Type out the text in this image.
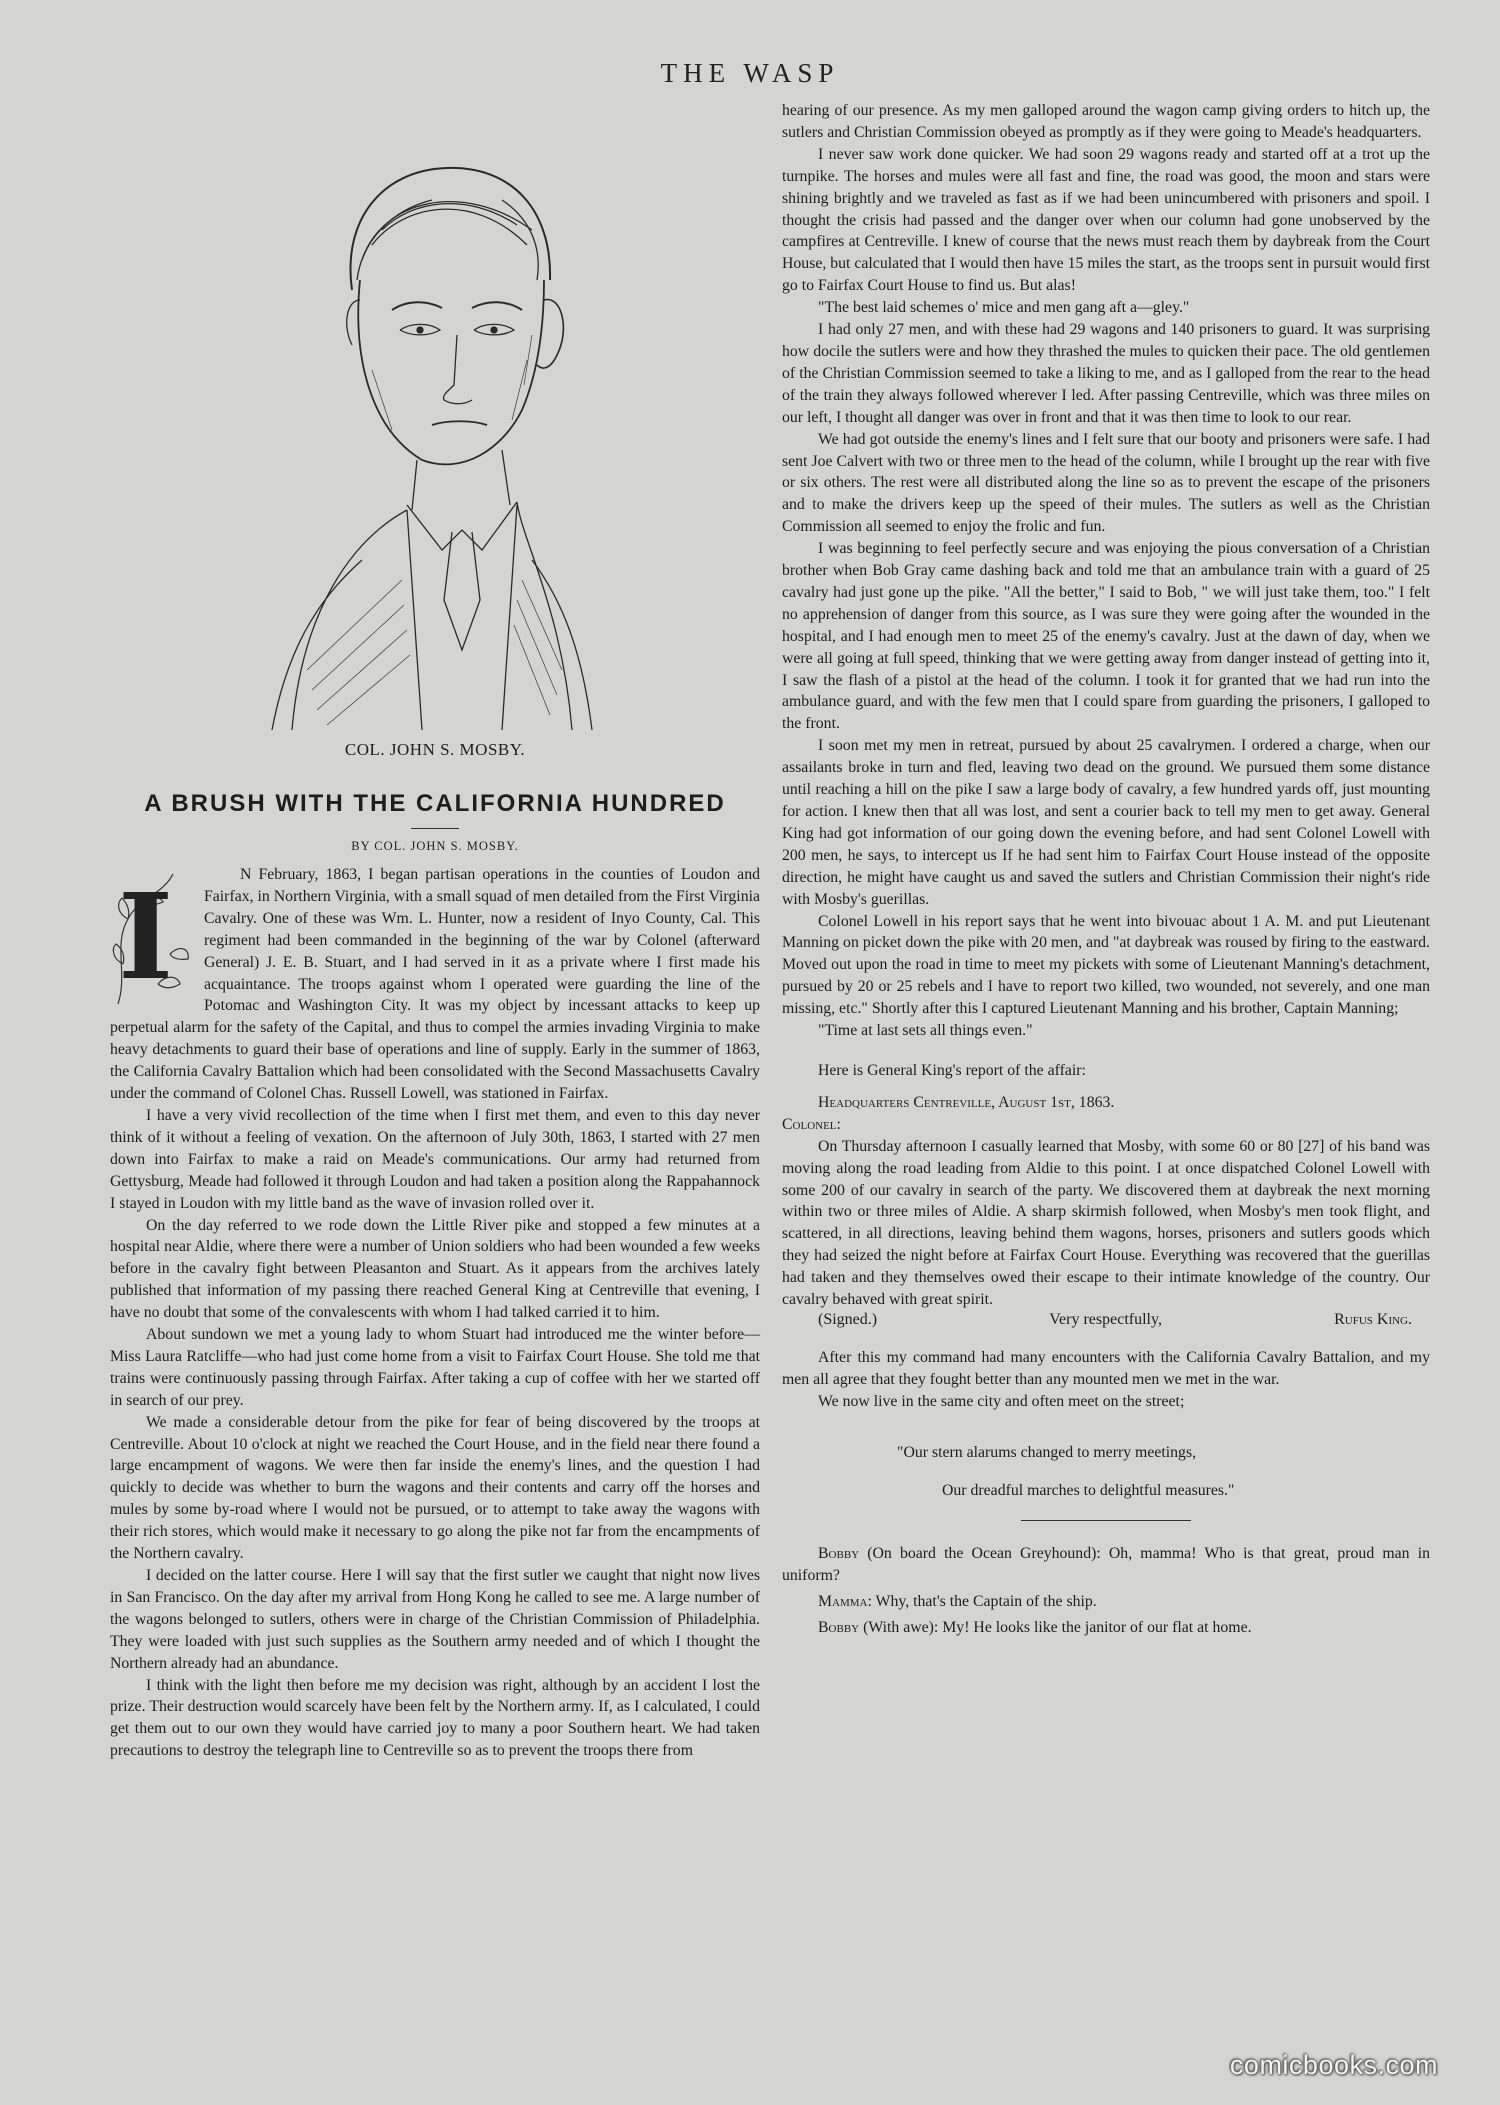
THE WASP
COL. JOHN S. MOSBY.
A BRUSH WITH THE CALIFORNIA HUNDRED
BY COL. JOHN S. MOSBY.
I	N February, 1863, I began partisan operations in the counties of Loudon and Fairfax, in Northern Virginia, with a small squad of men detailed from the First Virginia Cavalry. One of these was Wm. L. Hunter, now a resident of Inyo County, Cal. This regiment had been commanded in the beginning of the war by Colonel (afterward General) J. E. B. Stuart, and I had served in it as a private where I first made his acquaintance. The troops against whom I operated were guarding the line of the Potomac and Washington City. It was my object by incessant attacks to keep up perpetual alarm for the safety of the Capital, and thus to compel the armies invading Virginia to make heavy detachments to guard their base of operations and line of supply. Early in the summer of 1863, the California Cavalry Battalion which had been consolidated with the Second Massachusetts Cavalry under the command of Colonel Chas. Russell Lowell, was stationed in Fairfax.

I have a very vivid recollection of the time when I first met them, and even to this day never think of it without a feeling of vexation. On the afternoon of July 30th, 1863, I started with 27 men down into Fairfax to make a raid on Meade's communications. Our army had returned from Gettysburg, Meade had followed it through Loudon and had taken a position along the Rappahannock I stayed in Loudon with my little band as the wave of invasion rolled over it.

On the day referred to we rode down the Little River pike and stopped a few minutes at a hospital near Aldie, where there were a number of Union soldiers who had been wounded a few weeks before in the cavalry fight between Pleasanton and Stuart. As it appears from the archives lately published that information of my passing there reached General King at Centreville that evening, I have no doubt that some of the convalescents with whom I had talked carried it to him.

About sundown we met a young lady to whom Stuart had introduced me the winter before—Miss Laura Ratcliffe—who had just come home from a visit to Fairfax Court House. She told me that trains were continuously passing through Fairfax. After taking a cup of coffee with her we started off in search of our prey.

We made a considerable detour from the pike for fear of being discovered by the troops at Centreville. About 10 o'clock at night we reached the Court House, and in the field near there found a large encampment of wagons. We were then far inside the enemy's lines, and the question I had quickly to decide was whether to burn the wagons and their contents and carry off the horses and mules by some by-road where I would not be pursued, or to attempt to take away the wagons with their rich stores, which would make it necessary to go along the pike not far from the encampments of the Northern cavalry.

I decided on the latter course. Here I will say that the first sutler we caught that night now lives in San Francisco. On the day after my arrival from Hong Kong he called to see me. A large number of the wagons belonged to sutlers, others were in charge of the Christian Commission of Philadelphia. They were loaded with just such supplies as the Southern army needed and of which I thought the Northern already had an abundance.

I think with the light then before me my decision was right, although by an accident I lost the prize. Their destruction would scarcely have been felt by the Northern army. If, as I calculated, I could get them out to our own they would have carried joy to many a poor Southern heart. We had taken precautions to destroy the telegraph line to Centreville so as to prevent the troops there from

hearing of our presence. As my men galloped around the wagon camp giving orders to hitch up, the sutlers and Christian Commission obeyed as promptly as if they were going to Meade's headquarters.

I never saw work done quicker. We had soon 29 wagons ready and started off at a trot up the turnpike. The horses and mules were all fast and fine, the road was good, the moon and stars were shining brightly and we traveled as fast as if we had been unincumbered with prisoners and spoil. I thought the crisis had passed and the danger over when our column had gone unobserved by the campfires at Centreville. I knew of course that the news must reach them by daybreak from the Court House, but calculated that I would then have 15 miles the start, as the troops sent in pursuit would first go to Fairfax Court House to find us. But alas!

"The best laid schemes o' mice and men gang aft a—gley."

I had only 27 men, and with these had 29 wagons and 140 prisoners to guard. It was surprising how docile the sutlers were and how they thrashed the mules to quicken their pace. The old gentlemen of the Christian Commission seemed to take a liking to me, and as I galloped from the rear to the head of the train they always followed wherever I led. After passing Centreville, which was three miles on our left, I thought all danger was over in front and that it was then time to look to our rear.

We had got outside the enemy's lines and I felt sure that our booty and prisoners were safe. I had sent Joe Calvert with two or three men to the head of the column, while I brought up the rear with five or six others. The rest were all distributed along the line so as to prevent the escape of the prisoners and to make the drivers keep up the speed of their mules. The sutlers as well as the Christian Commission all seemed to enjoy the frolic and fun.

I was beginning to feel perfectly secure and was enjoying the pious conversation of a Christian brother when Bob Gray came dashing back and told me that an ambulance train with a guard of 25 cavalry had just gone up the pike. "All the better," I said to Bob, " we will just take them, too." I felt no apprehension of danger from this source, as I was sure they were going after the wounded in the hospital, and I had enough men to meet 25 of the enemy's cavalry. Just at the dawn of day, when we were all going at full speed, thinking that we were getting away from danger instead of getting into it, I saw the flash of a pistol at the head of the column. I took it for granted that we had run into the ambulance guard, and with the few men that I could spare from guarding the prisoners, I galloped to the front.

I soon met my men in retreat, pursued by about 25 cavalrymen. I ordered a charge, when our assailants broke in turn and fled, leaving two dead on the ground. We pursued them some distance until reaching a hill on the pike I saw a large body of cavalry, a few hundred yards off, just mounting for action. I knew then that all was lost, and sent a courier back to tell my men to get away. General King had got information of our going down the evening before, and had sent Colonel Lowell with 200 men, he says, to intercept us If he had sent him to Fairfax Court House instead of the opposite direction, he might have caught us and saved the sutlers and Christian Commission their night's ride with Mosby's guerillas.

Colonel Lowell in his report says that he went into bivouac about 1 A. M. and put Lieutenant Manning on picket down the pike with 20 men, and "at daybreak was roused by firing to the eastward. Moved out upon the road in time to meet my pickets with some of Lieutenant Manning's detachment, pursued by 20 or 25 rebels and I have to report two killed, two wounded, not severely, and one man missing, etc." Shortly after this I captured Lieutenant Manning and his brother, Captain Manning;

"Time at last sets all things even."

Here is General King's report of the affair:

Headquarters Centreville, August 1st, 1863.

Colonel:

On Thursday afternoon I casually learned that Mosby, with some 60 or 80 [27] of his band was moving along the road leading from Aldie to this point. I at once dispatched Colonel Lowell with some 200 of our cavalry in search of the party. We discovered them at daybreak the next morning within two or three miles of Aldie. A sharp skirmish followed, when Mosby's men took flight, and scattered, in all directions, leaving behind them wagons, horses, prisoners and sutlers goods which they had seized the night before at Fairfax Court House. Everything was recovered that the guerillas had taken and they themselves owed their escape to their intimate knowledge of the country. Our cavalry behaved with great spirit.

(Signed.)	Very respectfully,	Rufus King.

After this my command had many encounters with the California Cavalry Battalion, and my men all agree that they fought better than any mounted men we met in the war.

We now live in the same city and often meet on the street;

"Our stern alarums changed to merry meetings,

Our dreadful marches to delightful measures."

Bobby (On board the Ocean Greyhound): Oh, mamma! Who is that great, proud man in uniform?

Mamma: Why, that's the Captain of the ship.

Bobby (With awe): My! He looks like the janitor of our flat at home.

comicbooks.com
